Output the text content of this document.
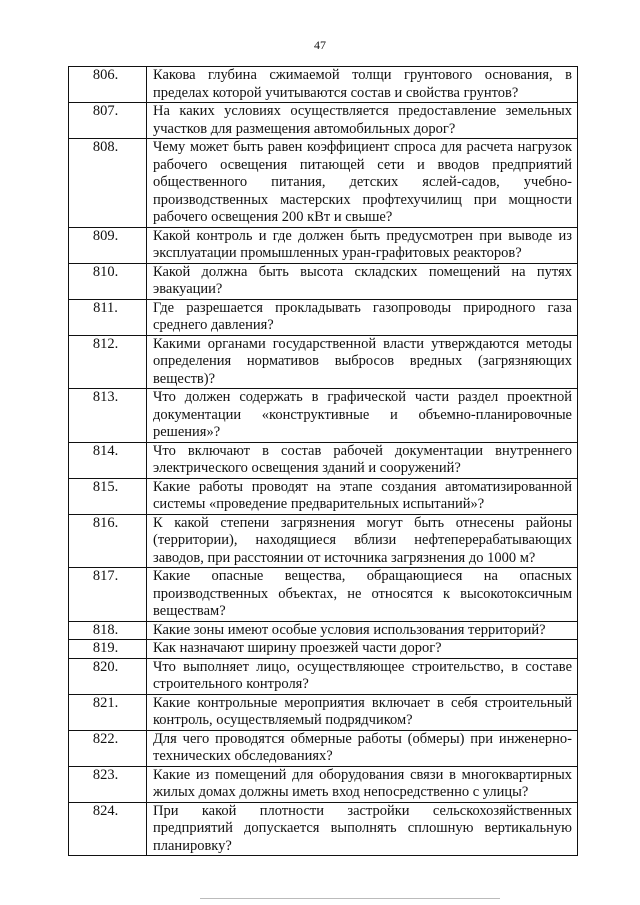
47
806.	Какова глубина сжимаемой толщи грунтового основания, в пределах которой учитываются состав и свойства грунтов?
807.	На каких условиях осуществляется предоставление земельных участков для размещения автомобильных дорог?
808.	Чему может быть равен коэффициент спроса для расчета нагрузок рабочего освещения питающей сети и вводов предприятий общественного питания, детских яслей-садов, учебно-производственных мастерских профтехучилищ при мощности рабочего освещения 200 кВт и свыше?
809.	Какой контроль и где должен быть предусмотрен при выводе из эксплуатации промышленных уран-графитовых реакторов?
810.	Какой должна быть высота складских помещений на путях эвакуации?
811.	Где разрешается прокладывать газопроводы природного газа среднего давления?
812.	Какими органами государственной власти утверждаются методы определения нормативов выбросов вредных (загрязняющих веществ)?
813.	Что должен содержать в графической части раздел проектной документации «конструктивные и объемно-планировочные решения»?
814.	Что включают в состав рабочей документации внутреннего электрического освещения зданий и сооружений?
815.	Какие работы проводят на этапе создания автоматизированной системы «проведение предварительных испытаний»?
816.	К какой степени загрязнения могут быть отнесены районы (территории), находящиеся вблизи нефтеперерабатывающих заводов, при расстоянии от источника загрязнения до 1000 м?
817.	Какие опасные вещества, обращающиеся на опасных производственных объектах, не относятся к высокотоксичным веществам?
818.	Какие зоны имеют особые условия использования территорий?
819.	Как назначают ширину проезжей части дорог?
820.	Что выполняет лицо, осуществляющее строительство, в составе строительного контроля?
821.	Какие контрольные мероприятия включает в себя строительный контроль, осуществляемый подрядчиком?
822.	Для чего проводятся обмерные работы (обмеры) при инженерно-технических обследованиях?
823.	Какие из помещений для оборудования связи в многоквартирных жилых домах должны иметь вход непосредственно с улицы?
824.	При какой плотности застройки сельскохозяйственных предприятий допускается выполнять сплошную вертикальную планировку?
